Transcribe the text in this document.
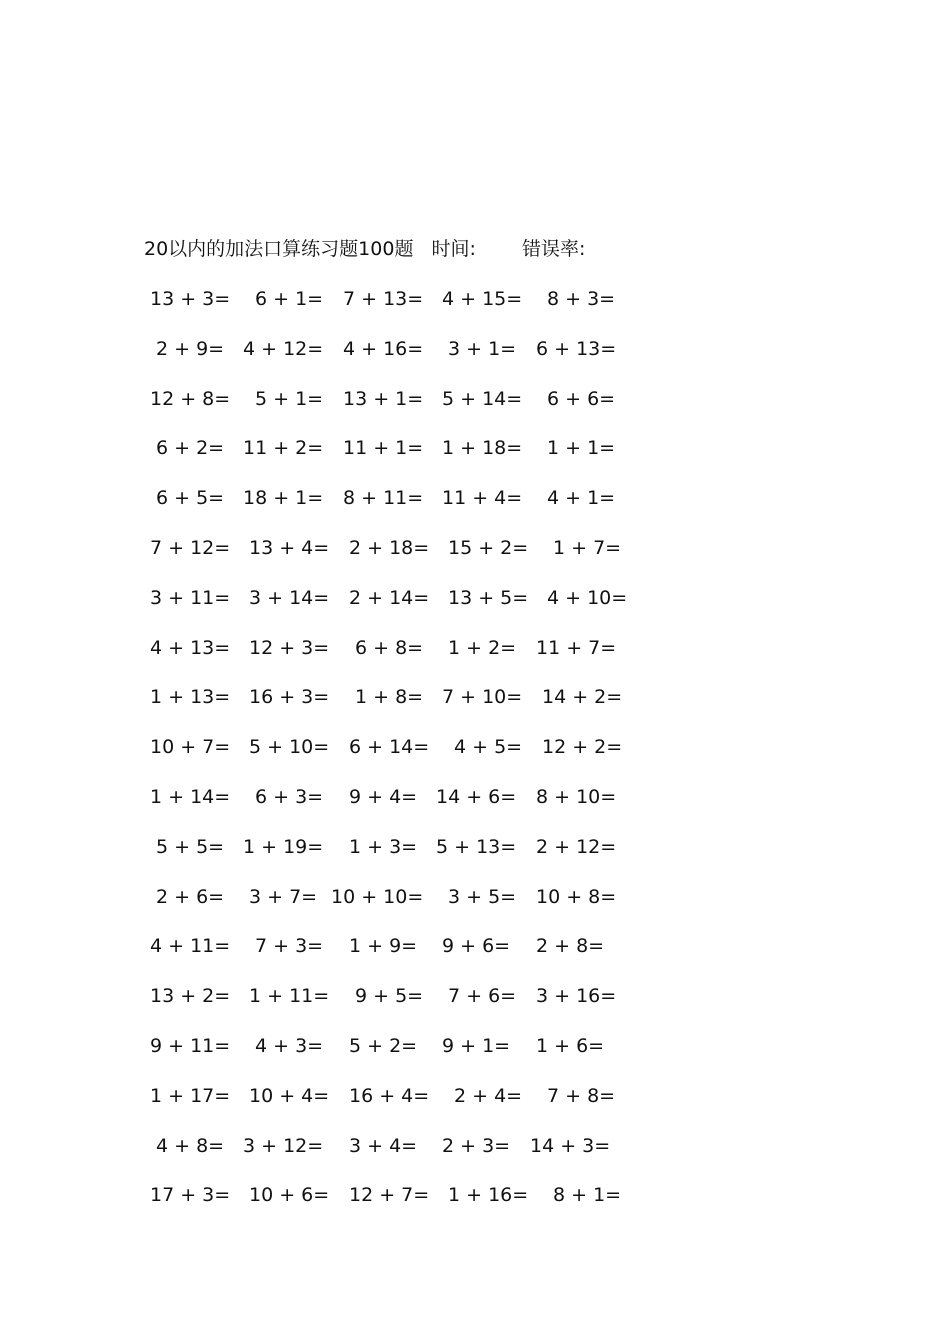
20以内的加法口算练习题100题 时间: 错误率:
13 + 3= 6 + 1= 7 + 13= 4 + 15= 8 + 3=
2 + 9= 4 + 12= 4 + 16= 3 + 1= 6 + 13=
12 + 8= 5 + 1= 13 + 1= 5 + 14= 6 + 6=
6 + 2= 11 + 2= 11 + 1= 1 + 18= 1 + 1=
6 + 5= 18 + 1= 8 + 11= 11 + 4= 4 + 1=
7 + 12= 13 + 4= 2 + 18= 15 + 2= 1 + 7=
3 + 11= 3 + 14= 2 + 14= 13 + 5= 4 + 10=
4 + 13= 12 + 3= 6 + 8= 1 + 2= 11 + 7=
1 + 13= 16 + 3= 1 + 8= 7 + 10= 14 + 2=
10 + 7= 5 + 10= 6 + 14= 4 + 5= 12 + 2=
1 + 14= 6 + 3= 9 + 4= 14 + 6= 8 + 10=
5 + 5= 1 + 19= 1 + 3= 5 + 13= 2 + 12=
2 + 6= 3 + 7= 10 + 10= 3 + 5= 10 + 8=
4 + 11= 7 + 3= 1 + 9= 9 + 6= 2 + 8=
13 + 2= 1 + 11= 9 + 5= 7 + 6= 3 + 16=
9 + 11= 4 + 3= 5 + 2= 9 + 1= 1 + 6=
1 + 17= 10 + 4= 16 + 4= 2 + 4= 7 + 8=
4 + 8= 3 + 12= 3 + 4= 2 + 3= 14 + 3=
17 + 3= 10 + 6= 12 + 7= 1 + 16= 8 + 1=
